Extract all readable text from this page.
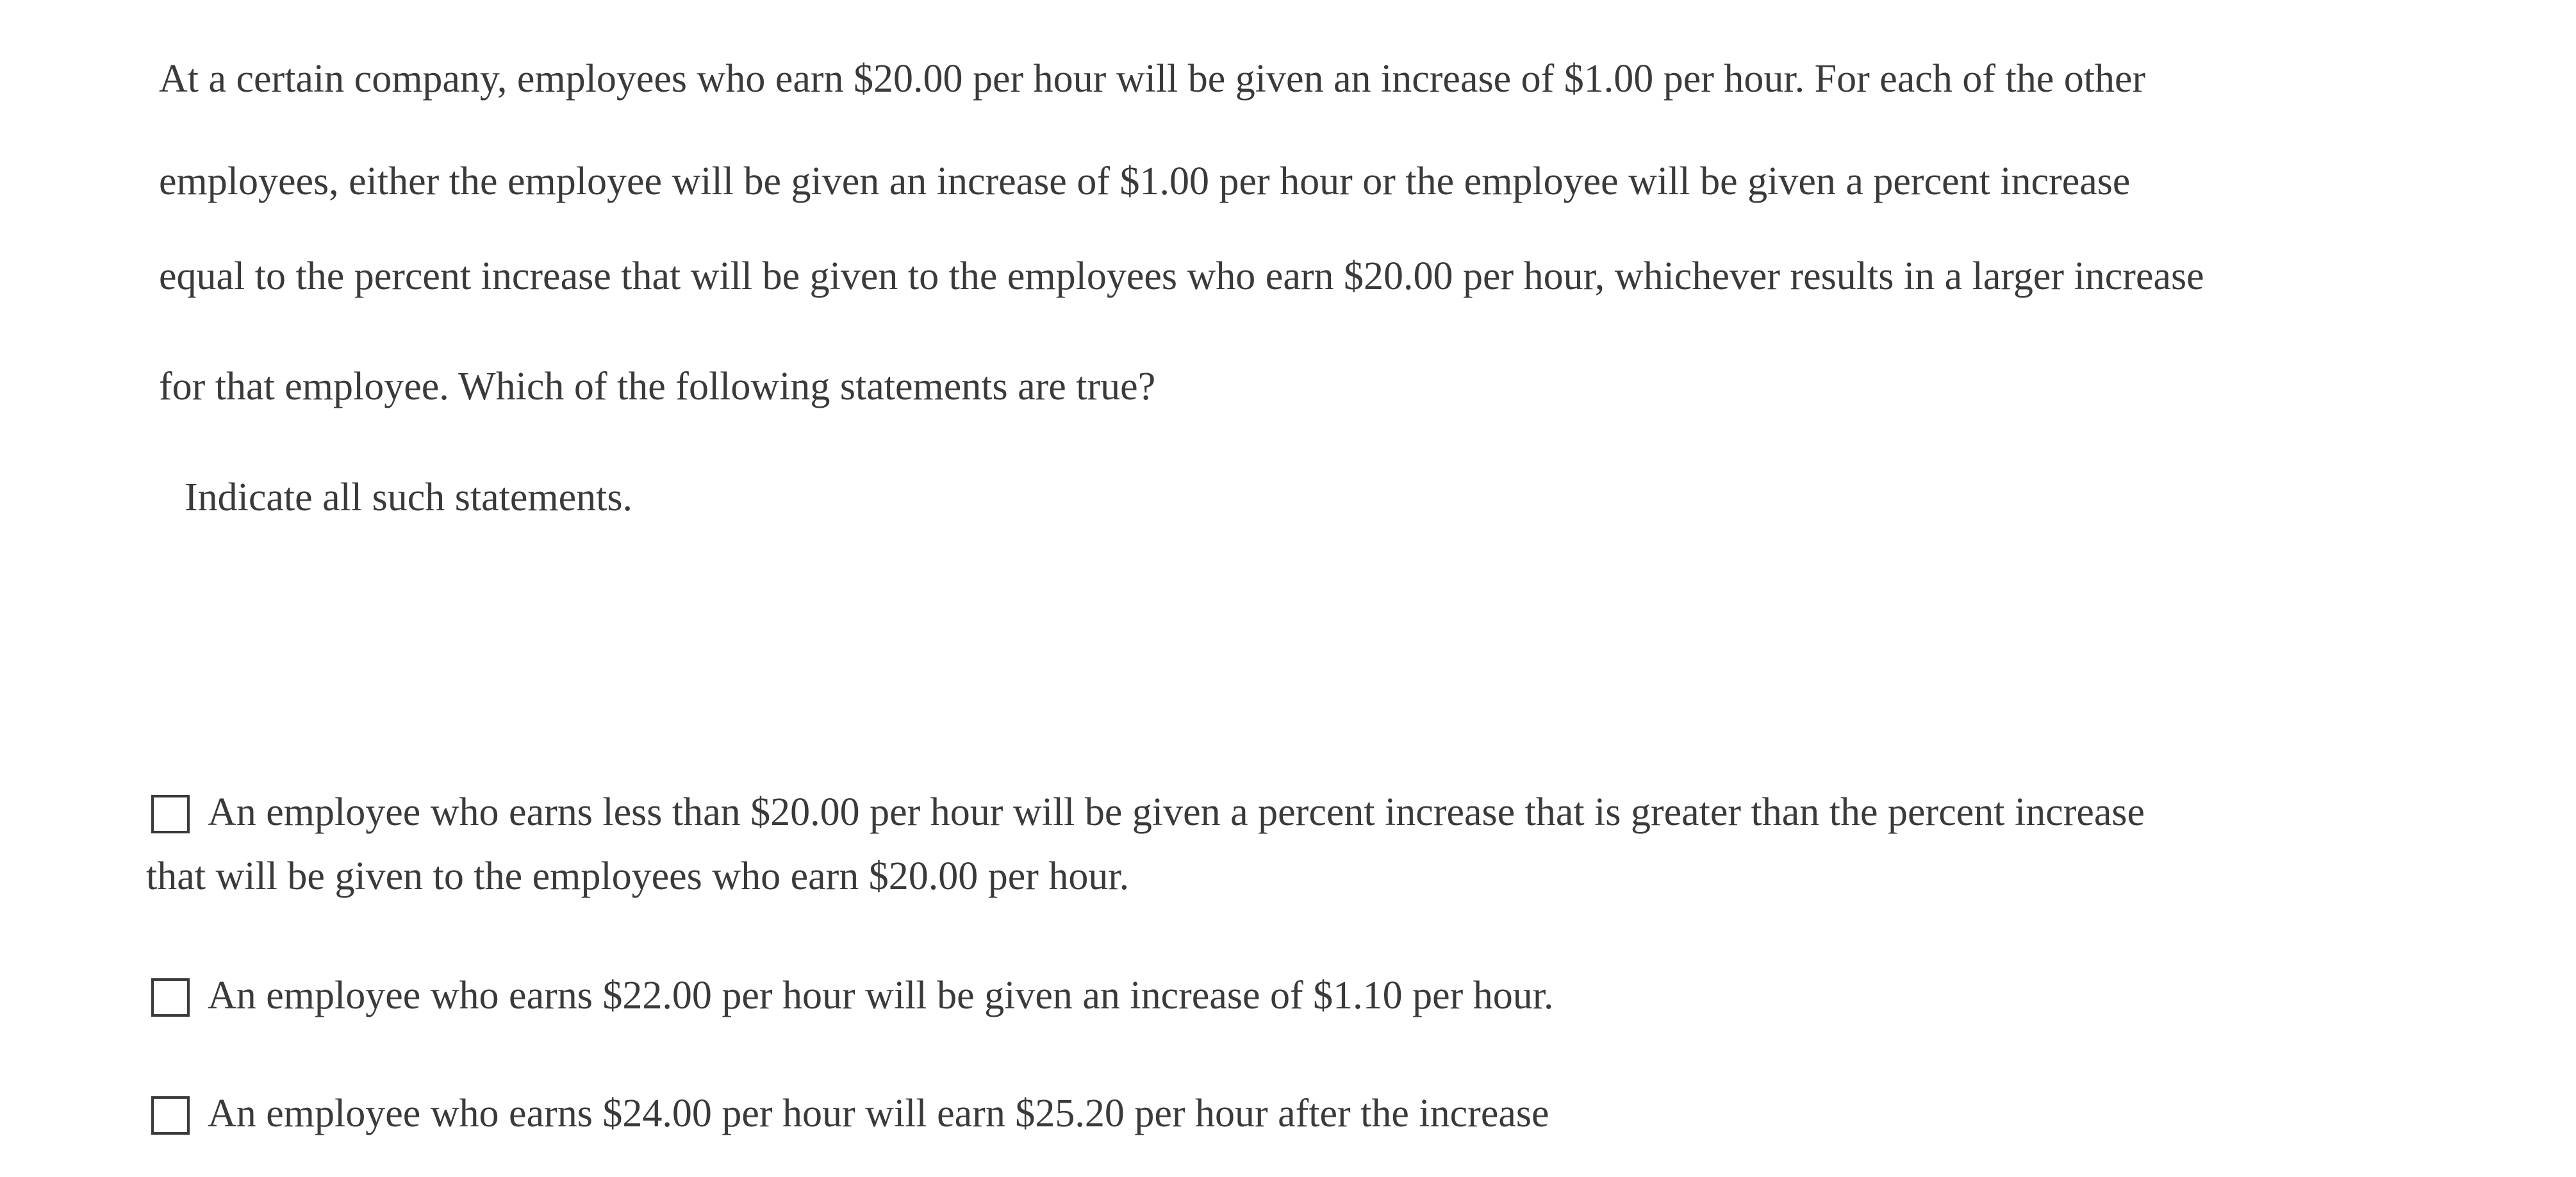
At a certain company, employees who earn $20.00 per hour will be given an increase of $1.00 per hour. For each of the other
employees, either the employee will be given an increase of $1.00 per hour or the employee will be given a percent increase
equal to the percent increase that will be given to the employees who earn $20.00 per hour, whichever results in a larger increase
for that employee. Which of the following statements are true?
Indicate all such statements.
An employee who earns less than $20.00 per hour will be given a percent increase that is greater than the percent increase
that will be given to the employees who earn $20.00 per hour.
An employee who earns $22.00 per hour will be given an increase of $1.10 per hour.
An employee who earns $24.00 per hour will earn $25.20 per hour after the increase
